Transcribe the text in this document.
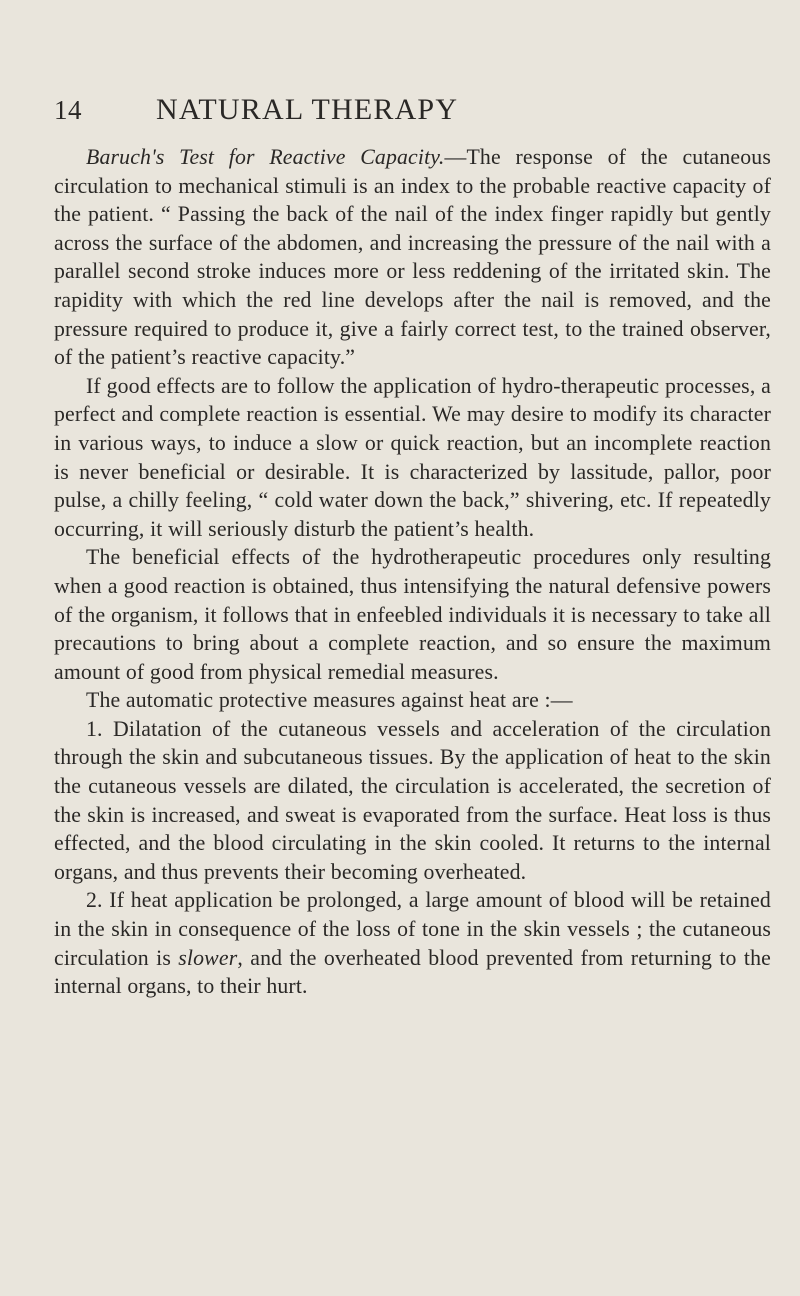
14 NATURAL THERAPY

Baruch's Test for Reactive Capacity.—The response of the cutaneous circulation to mechanical stimuli is an index to the probable reactive capacity of the patient. “ Passing the back of the nail of the index finger rapidly but gently across the surface of the abdomen, and increasing the pressure of the nail with a parallel second stroke induces more or less reddening of the irritated skin. The rapidity with which the red line develops after the nail is removed, and the pressure required to produce it, give a fairly correct test, to the trained observer, of the patient’s reactive capacity.”

If good effects are to follow the application of hydro-therapeutic processes, a perfect and complete reaction is essential. We may desire to modify its character in various ways, to induce a slow or quick reaction, but an incomplete reaction is never beneficial or desirable. It is characterized by lassitude, pallor, poor pulse, a chilly feeling, “ cold water down the back,” shivering, etc. If repeatedly occurring, it will seriously disturb the patient’s health.

The beneficial effects of the hydrotherapeutic procedures only resulting when a good reaction is obtained, thus intensifying the natural defensive powers of the organism, it follows that in enfeebled individuals it is necessary to take all precautions to bring about a complete reaction, and so ensure the maximum amount of good from physical remedial measures.

The automatic protective measures against heat are :—

1. Dilatation of the cutaneous vessels and acceleration of the circulation through the skin and subcutaneous tissues. By the application of heat to the skin the cutaneous vessels are dilated, the circulation is accelerated, the secretion of the skin is increased, and sweat is evaporated from the surface. Heat loss is thus effected, and the blood circulating in the skin cooled. It returns to the internal organs, and thus prevents their becoming overheated.

2. If heat application be prolonged, a large amount of blood will be retained in the skin in consequence of the loss of tone in the skin vessels ; the cutaneous circulation is slower, and the overheated blood prevented from returning to the internal organs, to their hurt.
